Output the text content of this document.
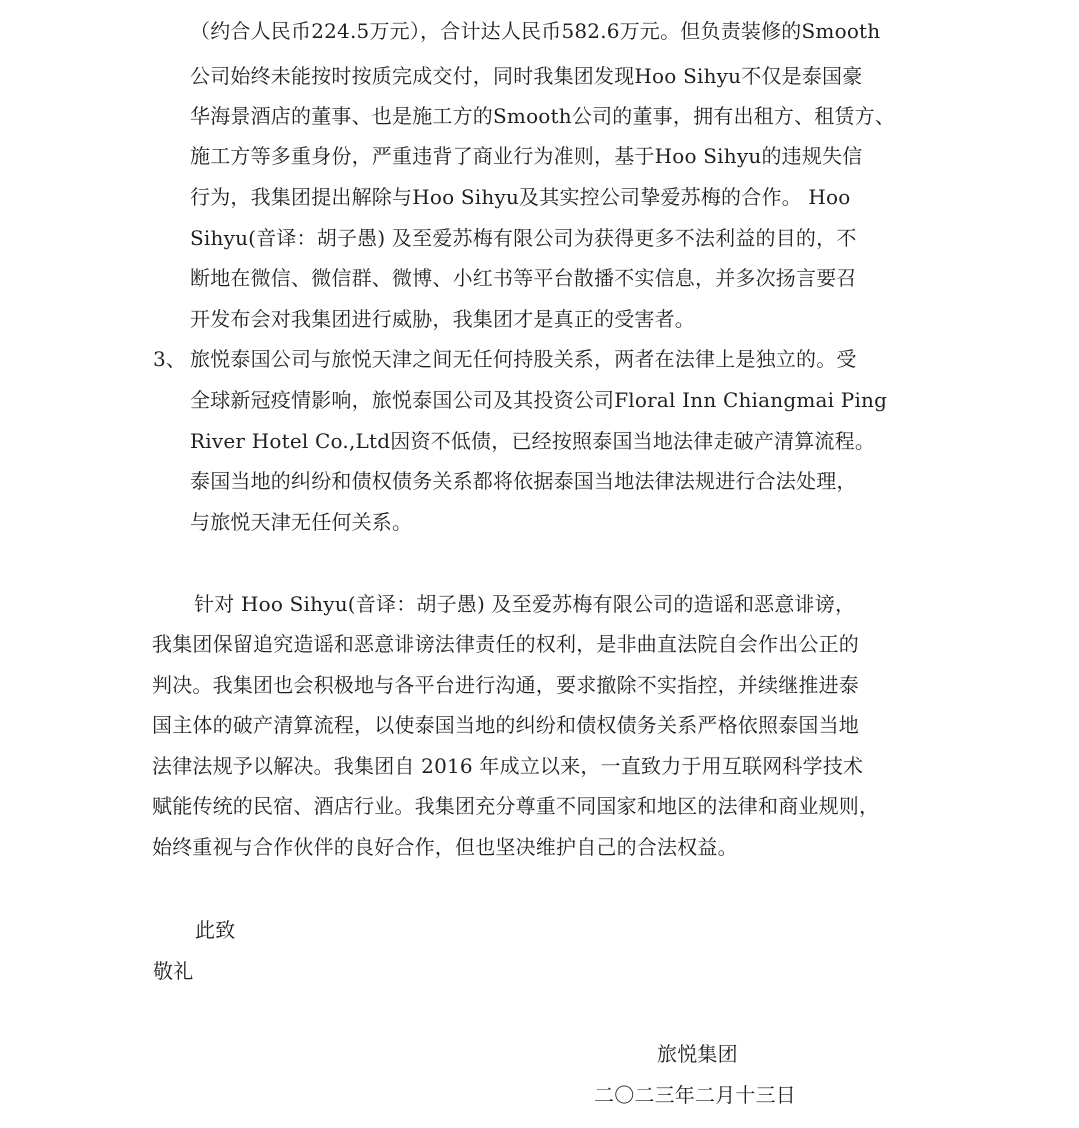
（约合人民币224.5万元），合计达人民币582.6万元。但负责装修的Smooth
公司始终未能按时按质完成交付，同时我集团发现Hoo Sihyu不仅是泰国豪
华海景酒店的董事、也是施工方的Smooth公司的董事，拥有出租方、租赁方、
施工方等多重身份，严重违背了商业行为准则，基于Hoo Sihyu的违规失信
行为，我集团提出解除与Hoo Sihyu及其实控公司挚爱苏梅的合作。 Hoo
Sihyu(音译：胡子愚) 及至爱苏梅有限公司为获得更多不法利益的目的，不
断地在微信、微信群、微博、小红书等平台散播不实信息，并多次扬言要召
开发布会对我集团进行威胁，我集团才是真正的受害者。
3、 旅悦泰国公司与旅悦天津之间无任何持股关系，两者在法律上是独立的。受
全球新冠疫情影响，旅悦泰国公司及其投资公司Floral Inn Chiangmai Ping
River Hotel Co.,Ltd因资不低债，已经按照泰国当地法律走破产清算流程。
泰国当地的纠纷和债权债务关系都将依据泰国当地法律法规进行合法处理，
与旅悦天津无任何关系。
针对 Hoo Sihyu(音译：胡子愚) 及至爱苏梅有限公司的造谣和恶意诽谤，
我集团保留追究造谣和恶意诽谤法律责任的权利，是非曲直法院自会作出公正的
判决。我集团也会积极地与各平台进行沟通，要求撤除不实指控，并续继推进泰
国主体的破产清算流程，以使泰国当地的纠纷和债权债务关系严格依照泰国当地
法律法规予以解决。我集团自 2016 年成立以来，一直致力于用互联网科学技术
赋能传统的民宿、酒店行业。我集团充分尊重不同国家和地区的法律和商业规则，
始终重视与合作伙伴的良好合作，但也坚决维护自己的合法权益。
此致
敬礼
旅悦集团
二〇二三年二月十三日
